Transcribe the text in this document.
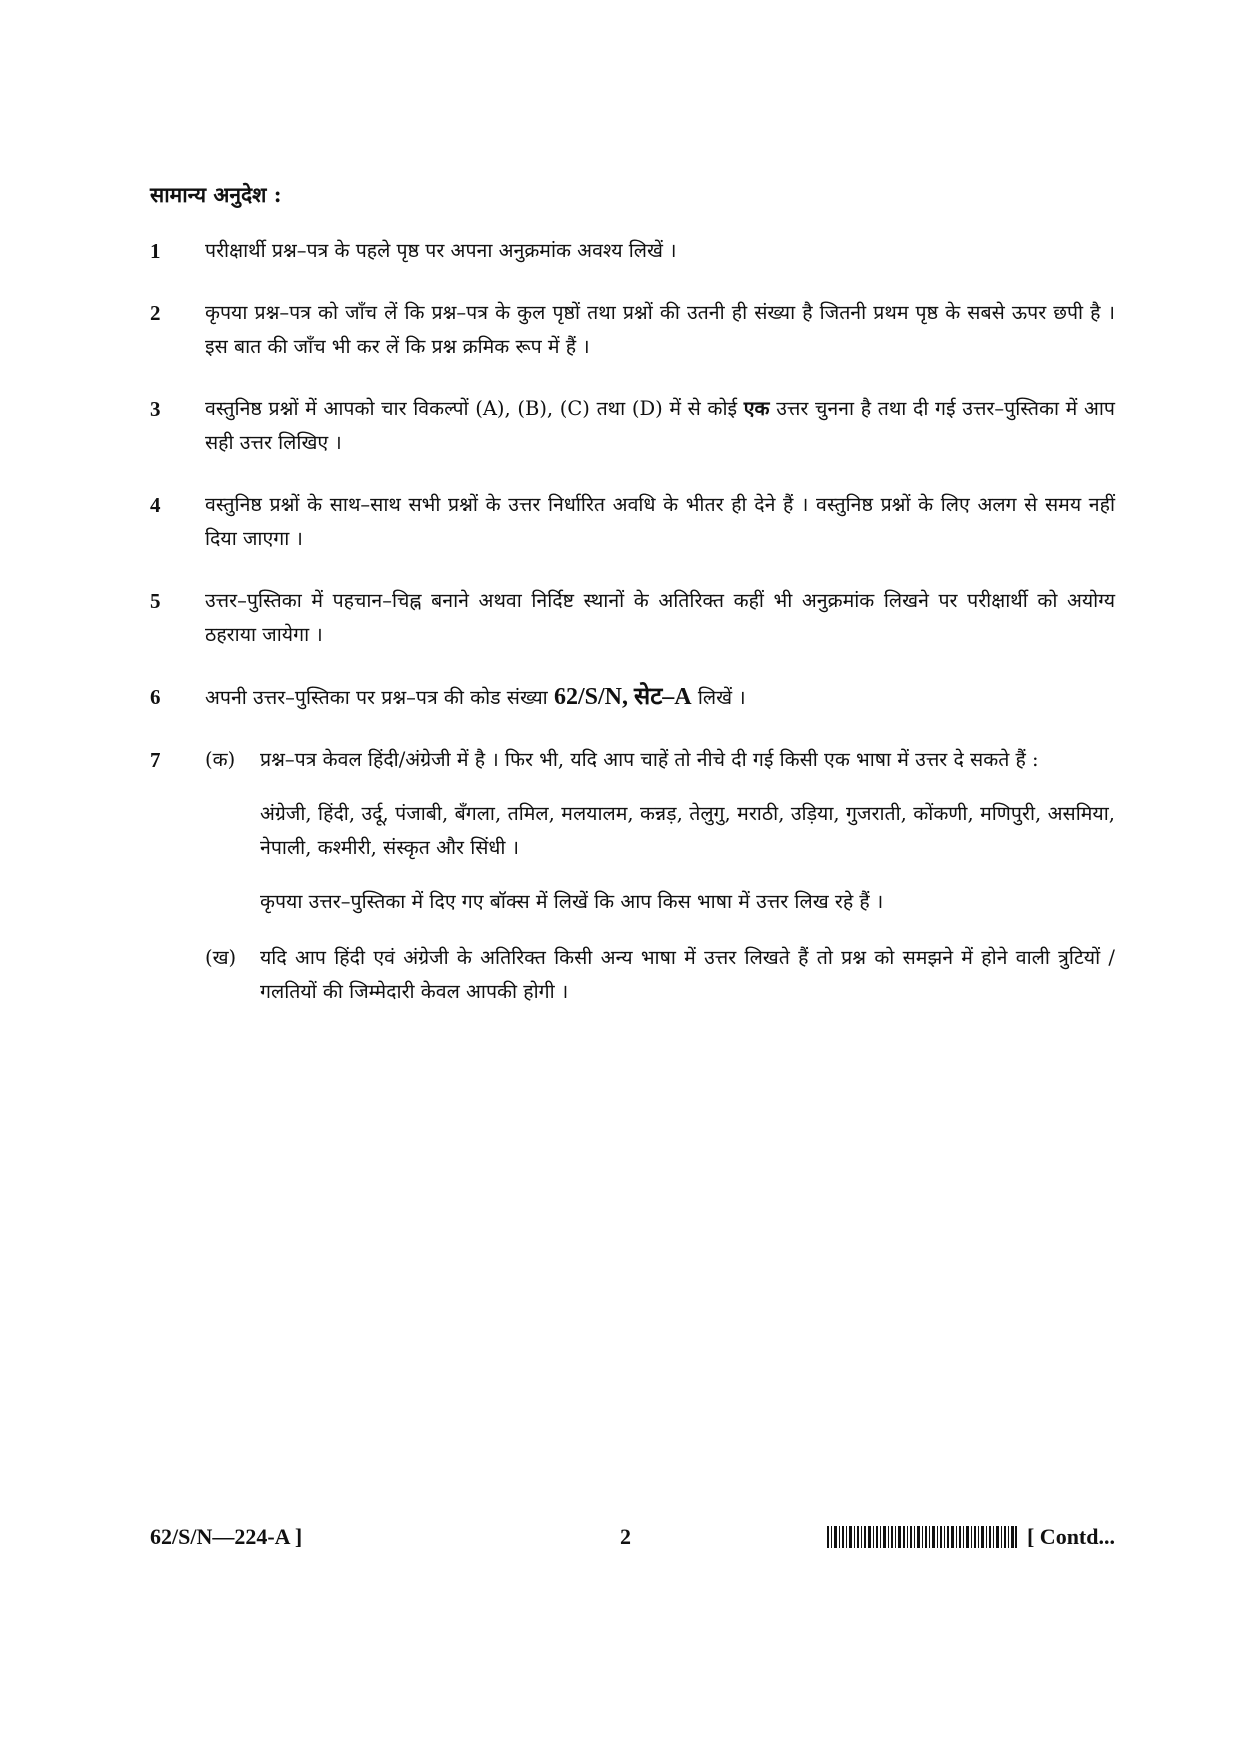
सामान्य अनुदेश :
1	परीक्षार्थी प्रश्न–पत्र के पहले पृष्ठ पर अपना अनुक्रमांक अवश्य लिखें ।
2	कृपया प्रश्न–पत्र को जाँच लें कि प्रश्न–पत्र के कुल पृष्ठों तथा प्रश्नों की उतनी ही संख्या है जितनी प्रथम पृष्ठ के सबसे ऊपर छपी है । इस बात की जाँच भी कर लें कि प्रश्न क्रमिक रूप में हैं ।
3	वस्तुनिष्ठ प्रश्नों में आपको चार विकल्पों (A), (B), (C) तथा (D) में से कोई एक उत्तर चुनना है तथा दी गई उत्तर–पुस्तिका में आप सही उत्तर लिखिए ।
4	वस्तुनिष्ठ प्रश्नों के साथ–साथ सभी प्रश्नों के उत्तर निर्धारित अवधि के भीतर ही देने हैं । वस्तुनिष्ठ प्रश्नों के लिए अलग से समय नहीं दिया जाएगा ।
5	उत्तर–पुस्तिका में पहचान–चिह्न बनाने अथवा निर्दिष्ट स्थानों के अतिरिक्त कहीं भी अनुक्रमांक लिखने पर परीक्षार्थी को अयोग्य ठहराया जायेगा ।
6	अपनी उत्तर–पुस्तिका पर प्रश्न–पत्र की कोड संख्या 62/S/N, सेट–A लिखें ।
7	(क) प्रश्न–पत्र केवल हिंदी/अंग्रेजी में है । फिर भी, यदि आप चाहें तो नीचे दी गई किसी एक भाषा में उत्तर दे सकते हैं :
अंग्रेजी, हिंदी, उर्दू, पंजाबी, बँगला, तमिल, मलयालम, कन्नड़, तेलुगु, मराठी, उड़िया, गुजराती, कोंकणी, मणिपुरी, असमिया, नेपाली, कश्मीरी, संस्कृत और सिंधी ।
कृपया उत्तर–पुस्तिका में दिए गए बॉक्स में लिखें कि आप किस भाषा में उत्तर लिख रहे हैं ।
(ख) यदि आप हिंदी एवं अंग्रेजी के अतिरिक्त किसी अन्य भाषा में उत्तर लिखते हैं तो प्रश्न को समझने में होने वाली त्रुटियों / गलतियों की जिम्मेदारी केवल आपकी होगी ।
62/S/N—224-A ]	2	[ Contd...
